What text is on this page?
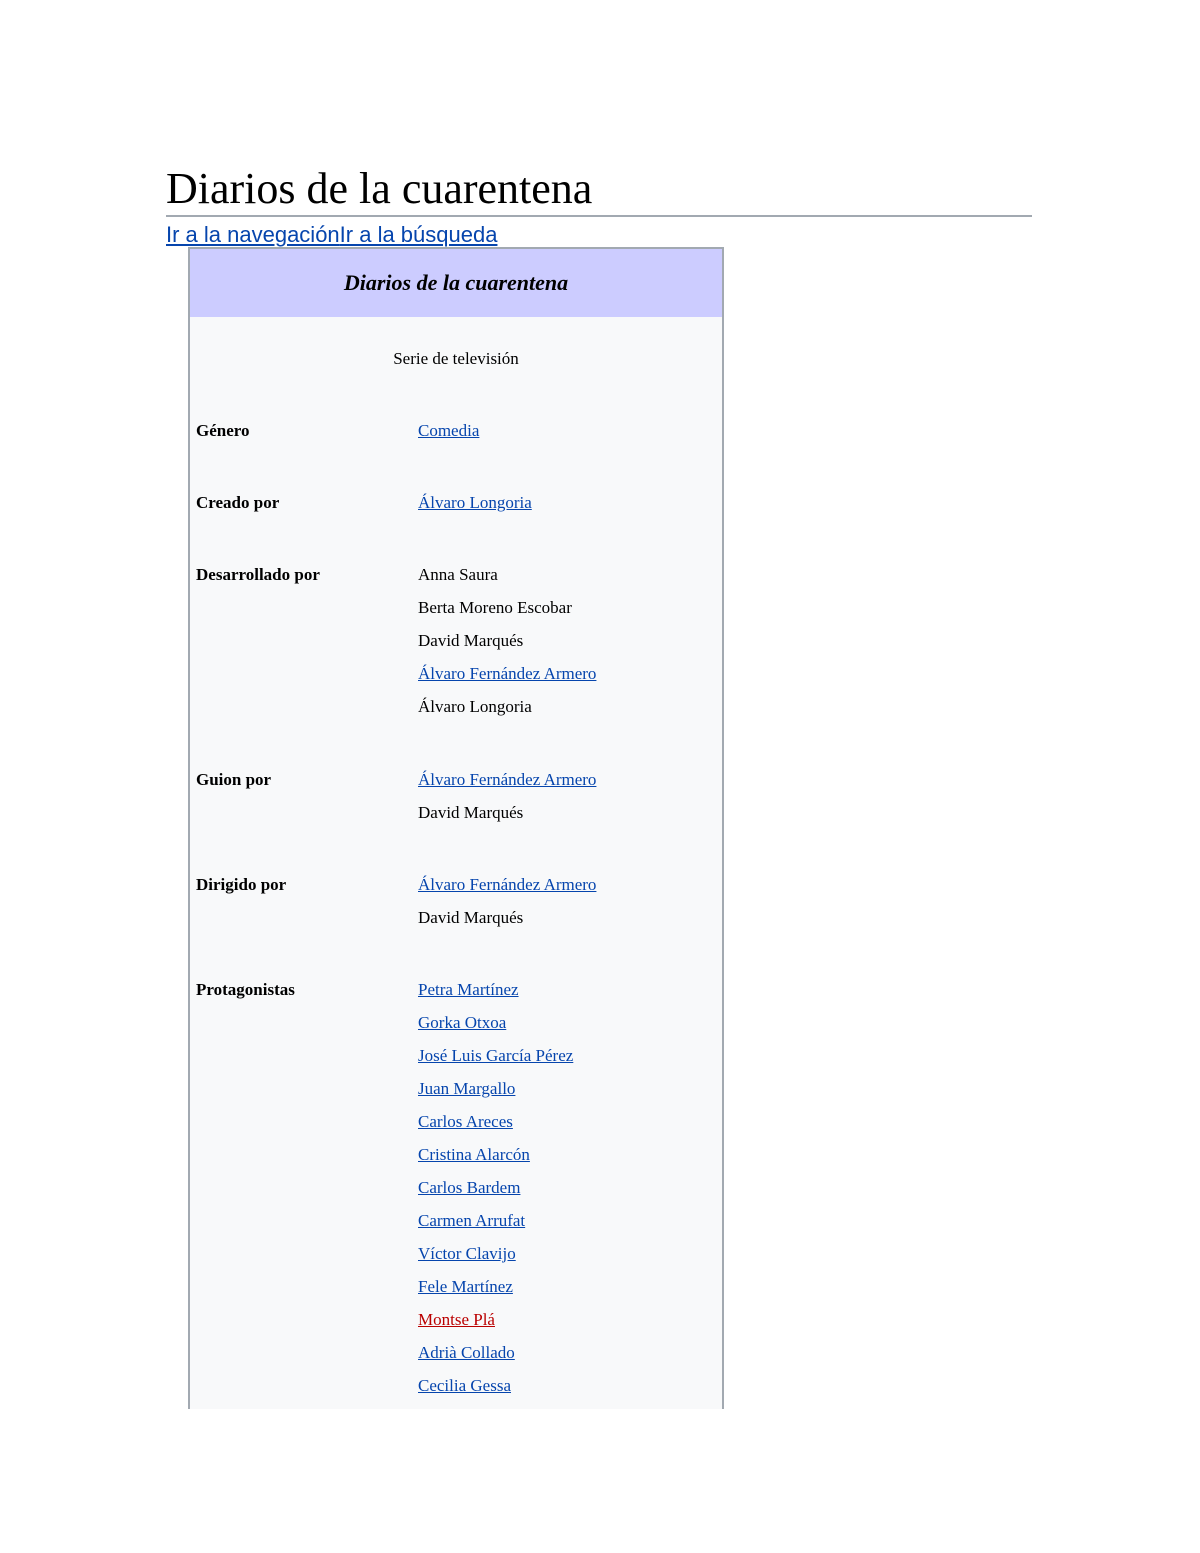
Diarios de la cuarentena
Ir a la navegaciónIr a la búsqueda
Diarios de la cuarentena
Serie de televisión
Género	Comedia
Creado por	Álvaro Longoria
Desarrollado por	Anna Saura
Berta Moreno Escobar
David Marqués
Álvaro Fernández Armero
Álvaro Longoria
Guion por	Álvaro Fernández Armero
David Marqués
Dirigido por	Álvaro Fernández Armero
David Marqués
Protagonistas	Petra Martínez
Gorka Otxoa
José Luis García Pérez
Juan Margallo
Carlos Areces
Cristina Alarcón
Carlos Bardem
Carmen Arrufat
Víctor Clavijo
Fele Martínez
Montse Plá
Adrià Collado
Cecilia Gessa
